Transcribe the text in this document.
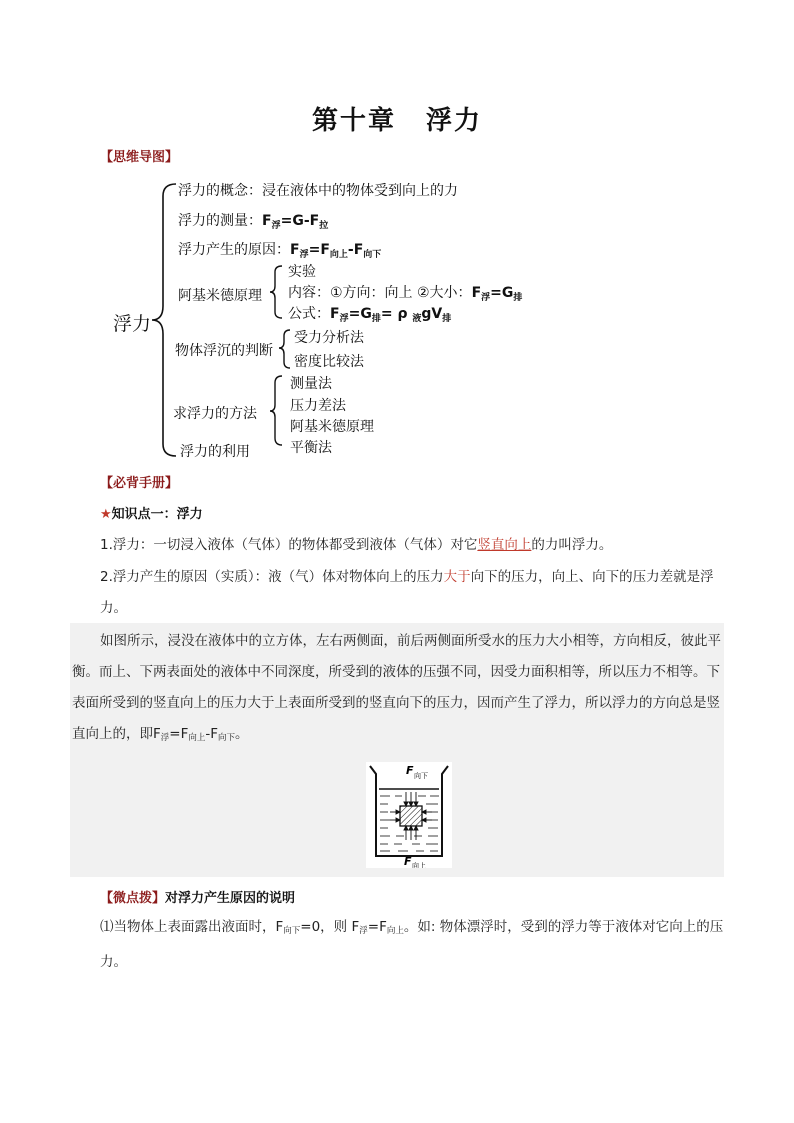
第十章 浮力
【思维导图】
浮力
浮力的概念：浸在液体中的物体受到向上的力
浮力的测量：$F_浮=G-F_拉$
浮力产生的原因：$F_浮=F_{向上}-F_{向下}$
阿基米德原理
实验
内容：①方向：向上 ②大小：$F_浮=G_排$
公式：$F_浮=G_排= \rho$ $_液gV_排$
物体浮沉的判断
受力分析法
密度比较法
求浮力的方法
测量法
压力差法
阿基米德原理
平衡法
浮力的利用
【必背手册】
★知识点一：浮力
1.浮力：一切浸入液体（气体）的物体都受到液体（气体）对它竖直向上的力叫浮力。
2.浮力产生的原因（实质）：液（气）体对物体向上的压力大于向下的压力，向上、向下的压力差就是浮力。
如图所示，浸没在液体中的立方体，左右两侧面，前后两侧面所受水的压力大小相等，方向相反，彼此平衡。而上、下两表面处的液体中不同深度，所受到的液体的压强不同，因受力面积相等，所以压力不相等。下表面所受到的竖直向上的压力大于上表面所受到的竖直向下的压力，因而产生了浮力，所以浮力的方向总是竖直向上的，即F浮=F向上-F向下。
F 向下
F 向上
【微点拨】对浮力产生原因的说明
⑴当物体上表面露出液面时，F向下=0，则 F浮=F向上。如: 物体漂浮时，受到的浮力等于液体对它向上的压力。
